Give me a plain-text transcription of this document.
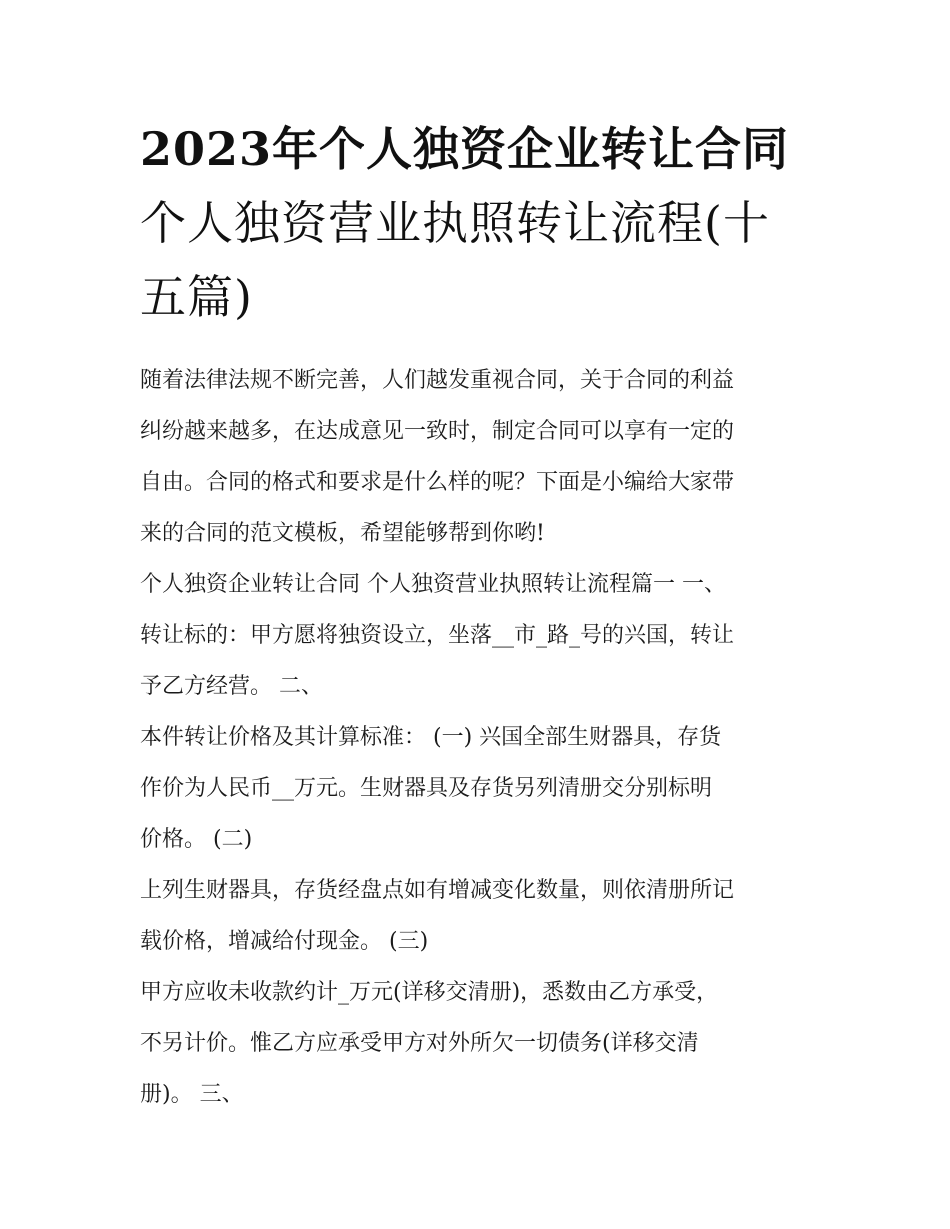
2023年个人独资企业转让合同
个人独资营业执照转让流程(十
五篇)
随着法律法规不断完善，人们越发重视合同，关于合同的利益
纠纷越来越多，在达成意见一致时，制定合同可以享有一定的
自由。合同的格式和要求是什么样的呢？下面是小编给大家带
来的合同的范文模板，希望能够帮到你哟!
个人独资企业转让合同 个人独资营业执照转让流程篇一 一、
转让标的：甲方愿将独资设立，坐落__市_路_号的兴国，转让
予乙方经营。 二、
本件转让价格及其计算标准： (一) 兴国全部生财器具，存货
作价为人民币__万元。生财器具及存货另列清册交分别标明
价格。 (二)
上列生财器具，存货经盘点如有增减变化数量，则依清册所记
载价格，增减给付现金。 (三)
甲方应收未收款约计_万元(详移交清册)，悉数由乙方承受，
不另计价。惟乙方应承受甲方对外所欠一切债务(详移交清
册)。 三、
